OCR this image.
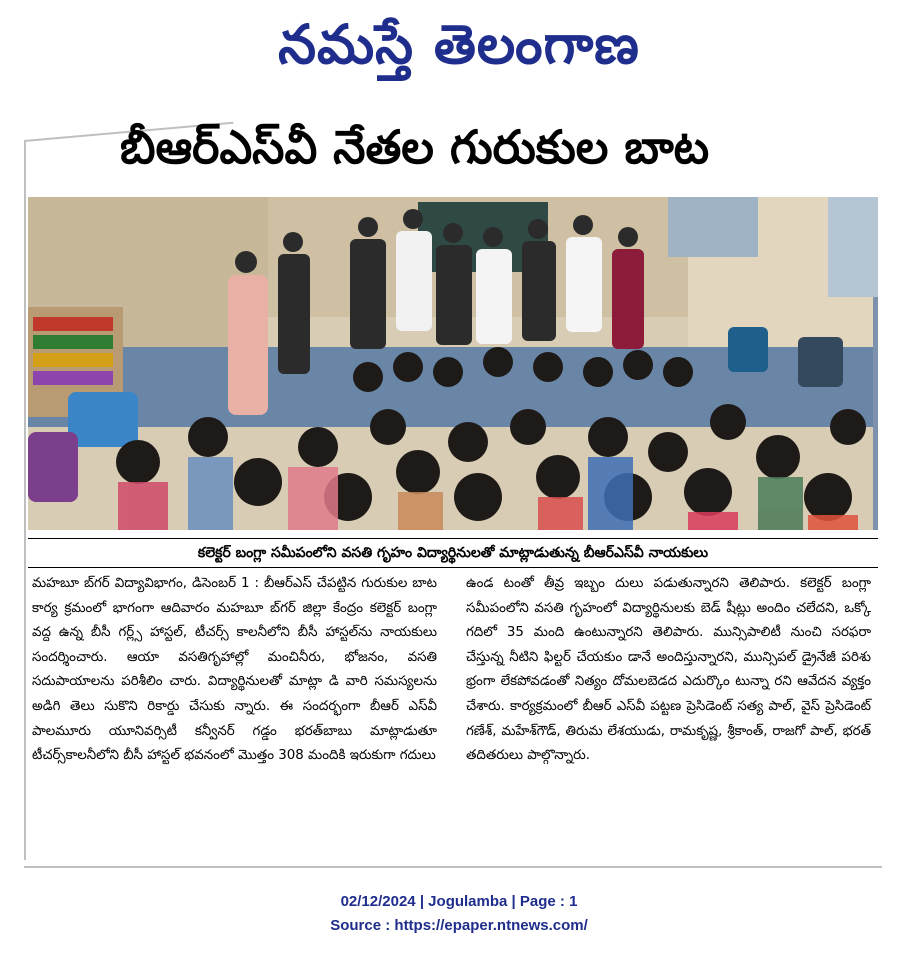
నమస్తే తెలంగాణ
బీఆర్‌ఎస్‌వీ నేతల గురుకుల బాట
కలెక్టర్ బంగ్లా సమీపంలోని వసతి గృహం విద్యార్థినులతో మాట్లాడుతున్న బీఆర్‌ఎస్‌వీ నాయకులు

మహబూ బ్‌గర్ విద్యావిభాగం, డిసెంబర్ 1 : బీఆర్‌ఎస్ చేపట్టిన గురుకుల బాట కార్య క్రమంలో భాగంగా ఆదివారం మహబూ బ్‌గర్ జిల్లా కేంద్రం కలెక్టర్ బంగ్లా వద్ద ఉన్న బీసీ గర్ల్స్ హాస్టల్, టీచర్స్ కాలనీలోని బీసీ హాస్టల్‌ను నాయకులు సందర్శించారు. ఆయా వసతిగృహాల్లో మంచినీరు, భోజనం, వసతి సదుపాయాలను పరిశీలిం చారు. విద్యార్థినులతో మాట్లా డి వారి సమస్యలను అడిగి తెలు సుకొని రికార్డు చేసుకు న్నారు. ఈ సందర్భంగా బీఆర్ ఎస్‌వీ పాలమూరు యూనివర్సిటీ కన్వీనర్ గడ్డం భరత్‌బాబు మాట్లాడుతూ టీచర్స్‌కాలనీలోని బీసీ హాస్టల్ భవనంలో మొత్తం 308 మందికి ఇరుకుగా గదులు

ఉండ టంతో తీవ్ర ఇబ్బం దులు పడుతున్నారని తెలిపారు. కలెక్టర్ బంగ్లా సమీపంలోని వసతి గృహంలో విద్యార్థినులకు బెడ్ షీట్లు అందిం చలేదని, ఒక్కో గదిలో 35 మంది ఉంటున్నారని తెలిపారు. మున్సిపాలిటీ నుంచి సరఫరా చేస్తున్న నీటిని ఫిల్టర్ చేయకుం డానే అందిస్తున్నారని, మున్సిపల్ డ్రైనేజీ పరిశు భ్రంగా లేకపోవడంతో నిత్యం దోమలబెడద ఎదుర్కొం టున్నా రని ఆవేదన వ్యక్తం చేశారు. కార్యక్రమంలో బీఆర్ ఎస్‌వీ పట్టణ ప్రెసిడెంట్ సత్య పాల్, వైస్ ప్రెసిడెంట్ గణేశ్, మహేశ్‌గౌడ్, తిరుమ లేశయుడు, రామకృష్ణ, శ్రీకాంత్, రాజగో పాల్, భరత్ తదితరులు పాల్గొన్నారు.

02/12/2024 | Jogulamba | Page : 1
Source : https://epaper.ntnews.com/
